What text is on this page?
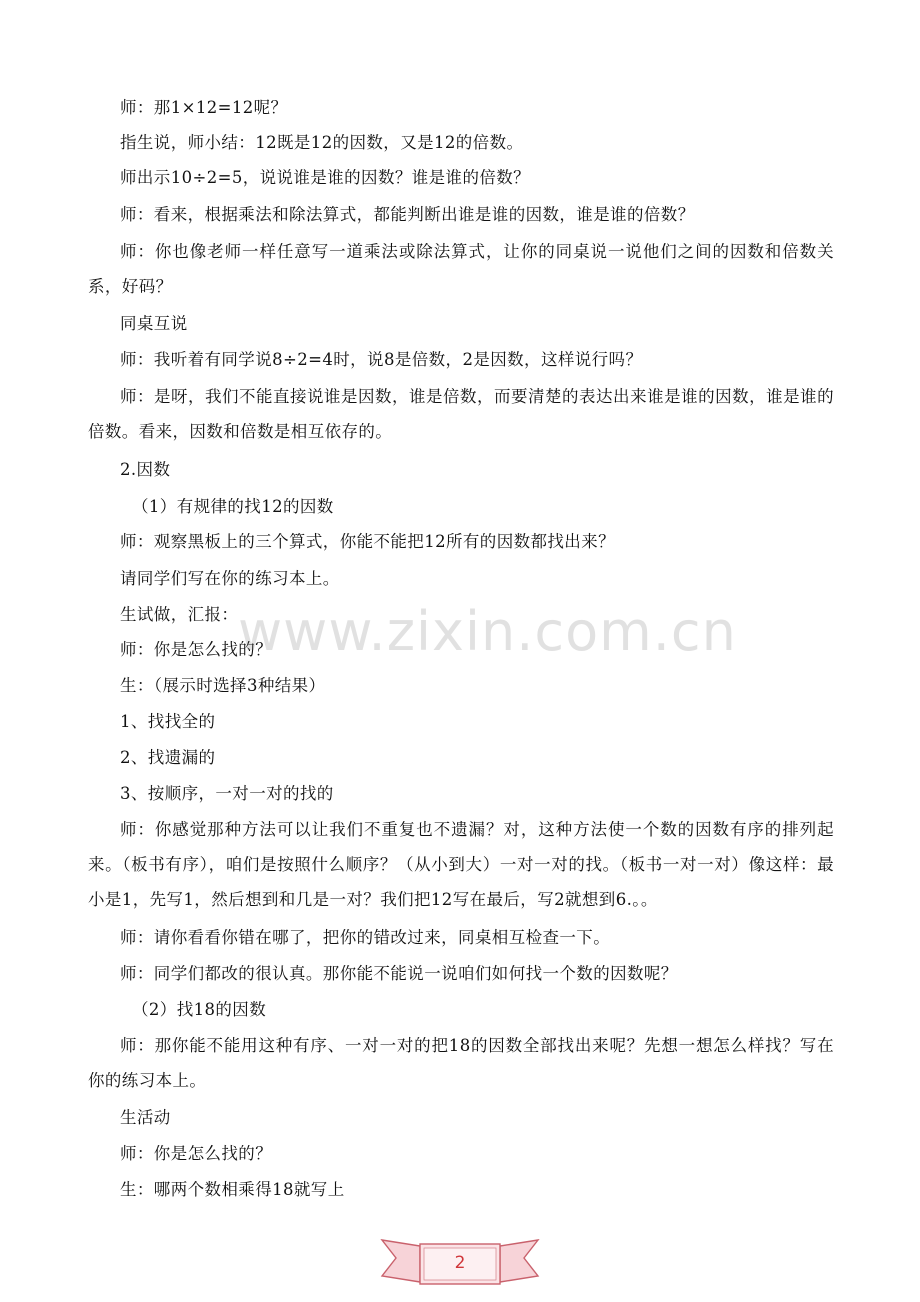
师：那1×12=12呢？

指生说，师小结：12既是12的因数，又是12的倍数。

师出示10÷2=5，说说谁是谁的因数？谁是谁的倍数？

师：看来，根据乘法和除法算式，都能判断出谁是谁的因数，谁是谁的倍数？

师：你也像老师一样任意写一道乘法或除法算式，让你的同桌说一说他们之间的因数和倍数关系，好码？

同桌互说

师：我听着有同学说8÷2=4时，说8是倍数，2是因数，这样说行吗？

师：是呀，我们不能直接说谁是因数，谁是倍数，而要清楚的表达出来谁是谁的因数，谁是谁的倍数。看来，因数和倍数是相互依存的。

2.因数

（1）有规律的找12的因数

师：观察黑板上的三个算式，你能不能把12所有的因数都找出来？

请同学们写在你的练习本上。

生试做，汇报：

师：你是怎么找的？

生：（展示时选择3种结果）

1、找找全的

2、找遗漏的

3、按顺序，一对一对的找的

师：你感觉那种方法可以让我们不重复也不遗漏？对，这种方法使一个数的因数有序的排列起来。（板书有序），咱们是按照什么顺序？（从小到大）一对一对的找。（板书一对一对）像这样：最小是1，先写1，然后想到和几是一对？我们把12写在最后，写2就想到6.。。

师：请你看看你错在哪了，把你的错改过来，同桌相互检查一下。

师：同学们都改的很认真。那你能不能说一说咱们如何找一个数的因数呢？

（2）找18的因数

师：那你能不能用这种有序、一对一对的把18的因数全部找出来呢？先想一想怎么样找？写在你的练习本上。

生活动

师：你是怎么找的？

生：哪两个数相乘得18就写上

www.zixin.com.cn
2
